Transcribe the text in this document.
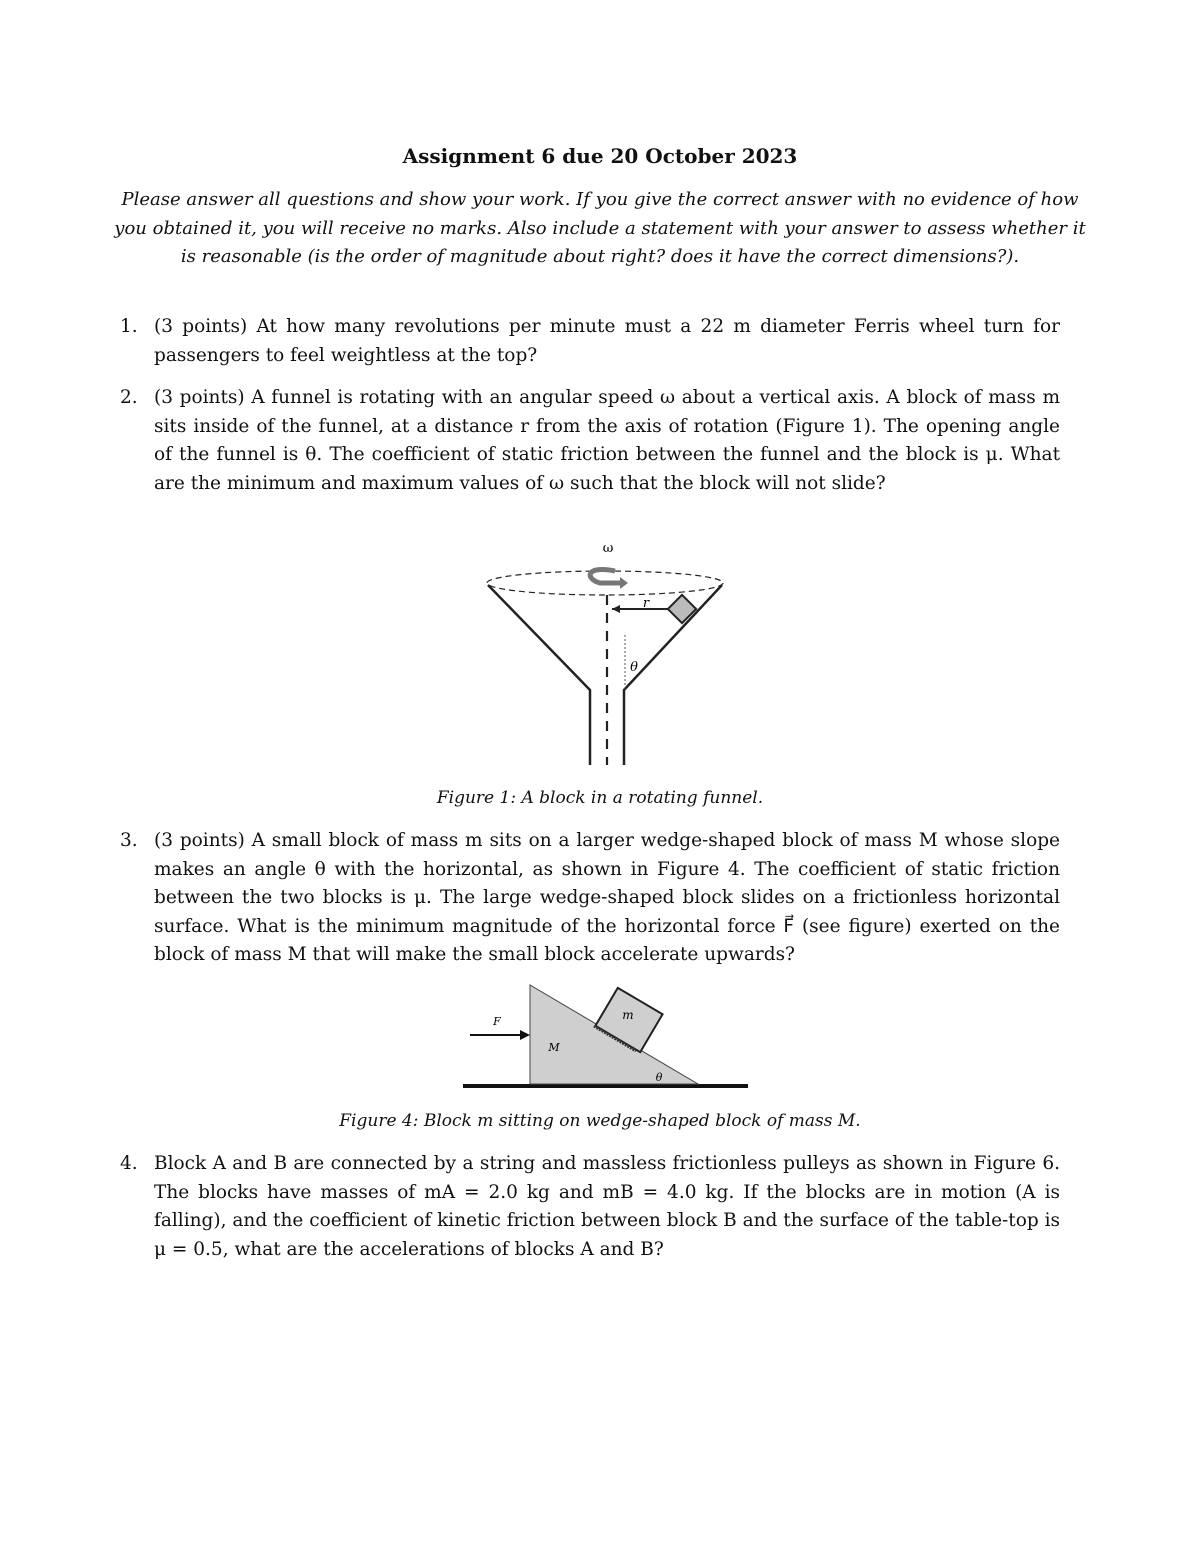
Assignment 6 due 20 October 2023
Please answer all questions and show your work. If you give the correct answer with no evidence of how you obtained it, you will receive no marks. Also include a statement with your answer to assess whether it is reasonable (is the order of magnitude about right? does it have the correct dimensions?).
1. (3 points) At how many revolutions per minute must a 22 m diameter Ferris wheel turn for passengers to feel weightless at the top?
2. (3 points) A funnel is rotating with an angular speed ω about a vertical axis. A block of mass m sits inside of the funnel, at a distance r from the axis of rotation (Figure 1). The opening angle of the funnel is θ. The coefficient of static friction between the funnel and the block is μ. What are the minimum and maximum values of ω such that the block will not slide?
ω
r
θ
Figure 1: A block in a rotating funnel.
3. (3 points) A small block of mass m sits on a larger wedge-shaped block of mass M whose slope makes an angle θ with the horizontal, as shown in Figure 4. The coefficient of static friction between the two blocks is μ. The large wedge-shaped block slides on a frictionless horizontal surface. What is the minimum magnitude of the horizontal force F⃗ (see figure) exerted on the block of mass M that will make the small block accelerate upwards?
F
M
m
θ
Figure 4: Block m sitting on wedge-shaped block of mass M.
4. Block A and B are connected by a string and massless frictionless pulleys as shown in Figure 6. The blocks have masses of mA = 2.0 kg and mB = 4.0 kg. If the blocks are in motion (A is falling), and the coefficient of kinetic friction between block B and the surface of the table-top is μ = 0.5, what are the accelerations of blocks A and B?
